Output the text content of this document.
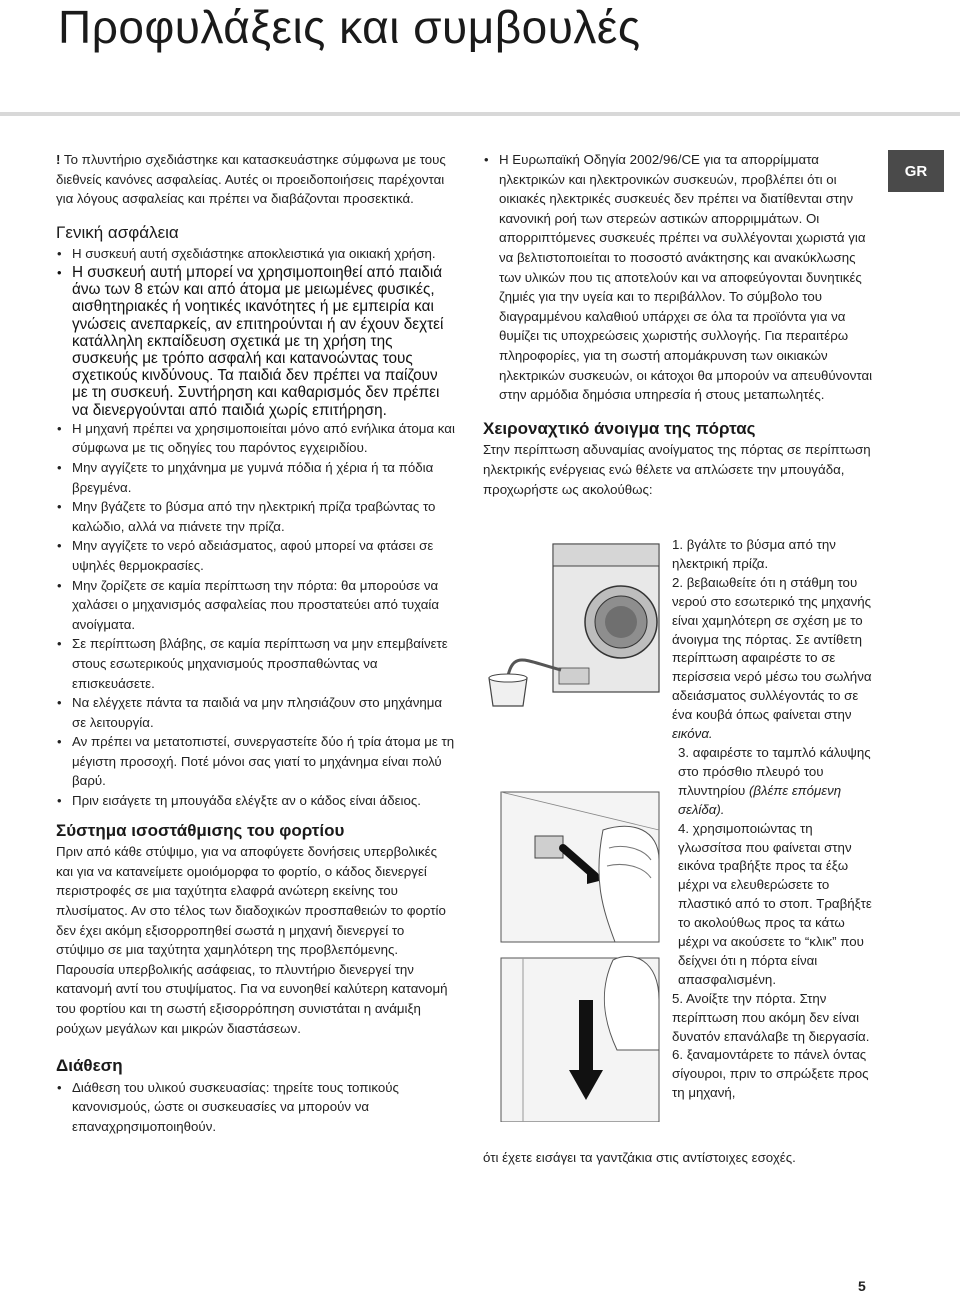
Προφυλάξεις και συμβουλές
GR

! Το πλυντήριο σχεδιάστηκε και κατασκευάστηκε σύμφωνα με τους διεθνείς κανόνες ασφαλείας. Αυτές οι προειδοποιήσεις παρέχονται για λόγους ασφαλείας και πρέπει να διαβάζονται προσεκτικά.

Γενική ασφάλεια
• Η συσκευή αυτή σχεδιάστηκε αποκλειστικά για οικιακή χρήση.
• Η συσκευή αυτή μπορεί να χρησιμοποιηθεί από παιδιά άνω των 8 ετών και από άτομα με μειωμένες φυσικές, αισθητηριακές ή νοητικές ικανότητες ή με εμπειρία και γνώσεις ανεπαρκείς, αν επιτηρούνται ή αν έχουν δεχτεί κατάλληλη εκπαίδευση σχετικά με τη χρήση της συσκευής με τρόπο ασφαλή και κατανοώντας τους σχετικούς κινδύνους. Τα παιδιά δεν πρέπει να παίζουν με τη συσκευή. Συντήρηση και καθαρισμός δεν πρέπει να διενεργούνται από παιδιά χωρίς επιτήρηση.
• Η μηχανή πρέπει να χρησιμοποιείται μόνο από ενήλικα άτομα και σύμφωνα με τις οδηγίες του παρόντος εγχειριδίου.
• Μην αγγίζετε το μηχάνημα με γυμνά πόδια ή χέρια ή τα πόδια βρεγμένα.
• Μην βγάζετε το βύσμα από την ηλεκτρική πρίζα τραβώντας το καλώδιο, αλλά να πιάνετε την πρίζα.
• Μην αγγίζετε το νερό αδειάσματος, αφού μπορεί να φτάσει σε υψηλές θερμοκρασίες.
• Μην ζορίζετε σε καμία περίπτωση την πόρτα: θα μπορούσε να χαλάσει ο μηχανισμός ασφαλείας που προστατεύει από τυχαία ανοίγματα.
• Σε περίπτωση βλάβης, σε καμία περίπτωση να μην επεμβαίνετε στους εσωτερικούς μηχανισμούς προσπαθώντας να επισκευάσετε.
• Να ελέγχετε πάντα τα παιδιά να μην πλησιάζουν στο μηχάνημα σε λειτουργία.
• Αν πρέπει να μετατοπιστεί, συνεργαστείτε δύο ή τρία άτομα με τη μέγιστη προσοχή. Ποτέ μόνοι σας γιατί το μηχάνημα είναι πολύ βαρύ.
• Πριν εισάγετε τη μπουγάδα ελέγξτε αν ο κάδος είναι άδειος.
Σύστημα ισοστάθμισης του φορτίου

Πριν από κάθε στύψιμο, για να αποφύγετε δονήσεις υπερβολικές και για να κατανείμετε ομοιόμορφα το φορτίο, ο κάδος διενεργεί περιστροφές σε μια ταχύτητα ελαφρά ανώτερη εκείνης του πλυσίματος. Αν στο τέλος των διαδοχικών προσπαθειών το φορτίο δεν έχει ακόμη εξισορροπηθεί σωστά η μηχανή διενεργεί το στύψιμο σε μια ταχύτητα χαμηλότερη της προβλεπόμενης. Παρουσία υπερβολικής ασάφειας, το πλυντήριο διενεργεί την κατανομή αντί του στυψίματος. Για να ευνοηθεί καλύτερη κατανομή του φορτίου και τη σωστή εξισορρόπηση συνιστάται η ανάμιξη ρούχων μεγάλων και μικρών διαστάσεων.

Διάθεση
• Διάθεση του υλικού συσκευασίας: τηρείτε τους τοπικούς κανονισμούς, ώστε οι συσκευασίες να μπορούν να επαναχρησιμοποιηθούν.
• Η Ευρωπαϊκή Οδηγία 2002/96/CE για τα απορρίμματα ηλεκτρικών και ηλεκτρονικών συσκευών, προβλέπει ότι οι οικιακές ηλεκτρικές συσκευές δεν πρέπει να διατίθενται στην κανονική ροή των στερεών αστικών απορριμμάτων. Οι απορριπτόμενες συσκευές πρέπει να συλλέγονται χωριστά για να βελτιστοποιείται το ποσοστό ανάκτησης και ανακύκλωσης των υλικών που τις αποτελούν και να αποφεύγονται δυνητικές ζημιές για την υγεία και το περιβάλλον. Το σύμβολο του διαγραμμένου καλαθιού υπάρχει σε όλα τα προϊόντα για να θυμίζει τις υποχρεώσεις χωριστής συλλογής. Για περαιτέρω πληροφορίες, για τη σωστή απομάκρυνση των οικιακών ηλεκτρικών συσκευών, οι κάτοχοι θα μπορούν να απευθύνονται στην αρμόδια δημόσια υπηρεσία ή στους μεταπωλητές.
Χειροναχτικό άνοιγμα της πόρτας

Στην περίπτωση αδυναμίας ανοίγματος της πόρτας σε περίπτωση ηλεκτρικής ενέργειας ενώ θέλετε να απλώσετε την μπουγάδα, προχωρήστε ως ακολούθως:

1. βγάλτε το βύσμα από την ηλεκτρική πρίζα.

2. βεβαιωθείτε ότι η στάθμη του νερού στο εσωτερικό της μηχανής είναι χαμηλότερη σε σχέση με το άνοιγμα της πόρτας. Σε αντίθετη περίπτωση αφαιρέστε το σε περίσσεια νερό μέσω του σωλήνα αδειάσματος συλλέγοντάς το σε ένα κουβά όπως φαίνεται στην εικόνα.

3. αφαιρέστε το ταμπλό κάλυψης στο πρόσθιο πλευρό του πλυντηρίου (βλέπε επόμενη σελίδα).

4. χρησιμοποιώντας τη γλωσσίτσα που φαίνεται στην εικόνα τραβήξτε προς τα έξω μέχρι να ελευθερώσετε το πλαστικό από το στοπ. Τραβήξτε το ακολούθως προς τα κάτω μέχρι να ακούσετε το “κλικ” που δείχνει ότι η πόρτα είναι απασφαλισμένη.

5. Ανοίξτε την πόρτα. Στην περίπτωση που ακόμη δεν είναι δυνατόν επανάλαβε τη διεργασία.

6. ξαναμοντάρετε το πάνελ όντας σίγουροι, πριν το σπρώξετε προς τη μηχανή,

ότι έχετε εισάγει τα γαντζάκια στις αντίστοιχες εσοχές.

5
